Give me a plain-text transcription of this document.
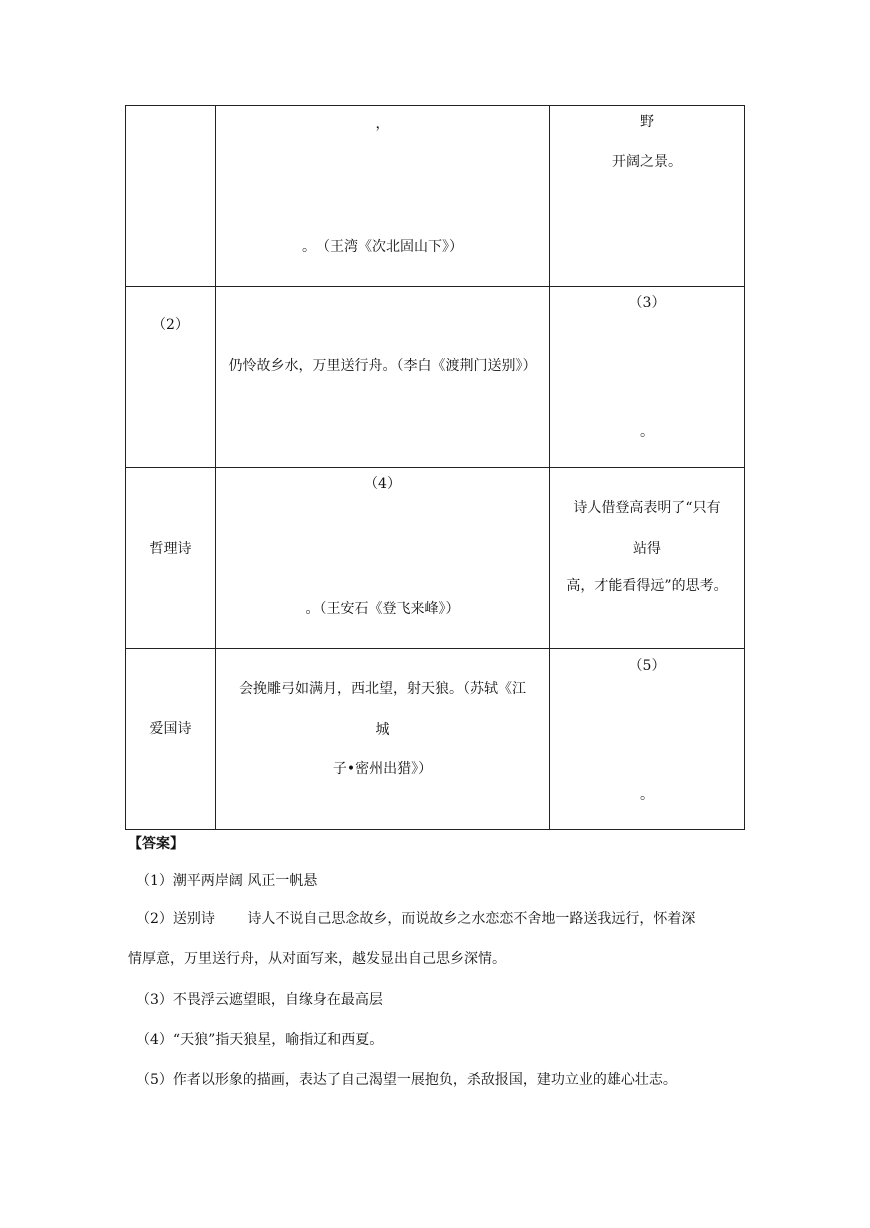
	，
。　（王湾《次北固山下》）	野
开阔之景。

（2）	仍怜故乡水，万里送行舟。（李白《渡荆门送别》）	（3）
。

哲理诗	（4）
。（王安石《登飞来峰》）	诗人借登高表明了“只有
站得
高，才能看得远”的思考。

爱国诗	会挽雕弓如满月，西北望，射天狼。（苏轼《江
城
子•密州出猎》）	（5）
。
【答案】
（1）潮平两岸阔 风正一帆悬
（2）送别诗　　 诗人不说自己思念故乡，而说故乡之水恋恋不舍地一路送我远行，怀着深
情厚意，万里送行舟，从对面写来，越发显出自己思乡深情。
（3）不畏浮云遮望眼，自缘身在最高层
（4）“天狼”指天狼星，喻指辽和西夏。
（5）作者以形象的描画，表达了自己渴望一展抱负，杀敌报国，建功立业的雄心壮志。
